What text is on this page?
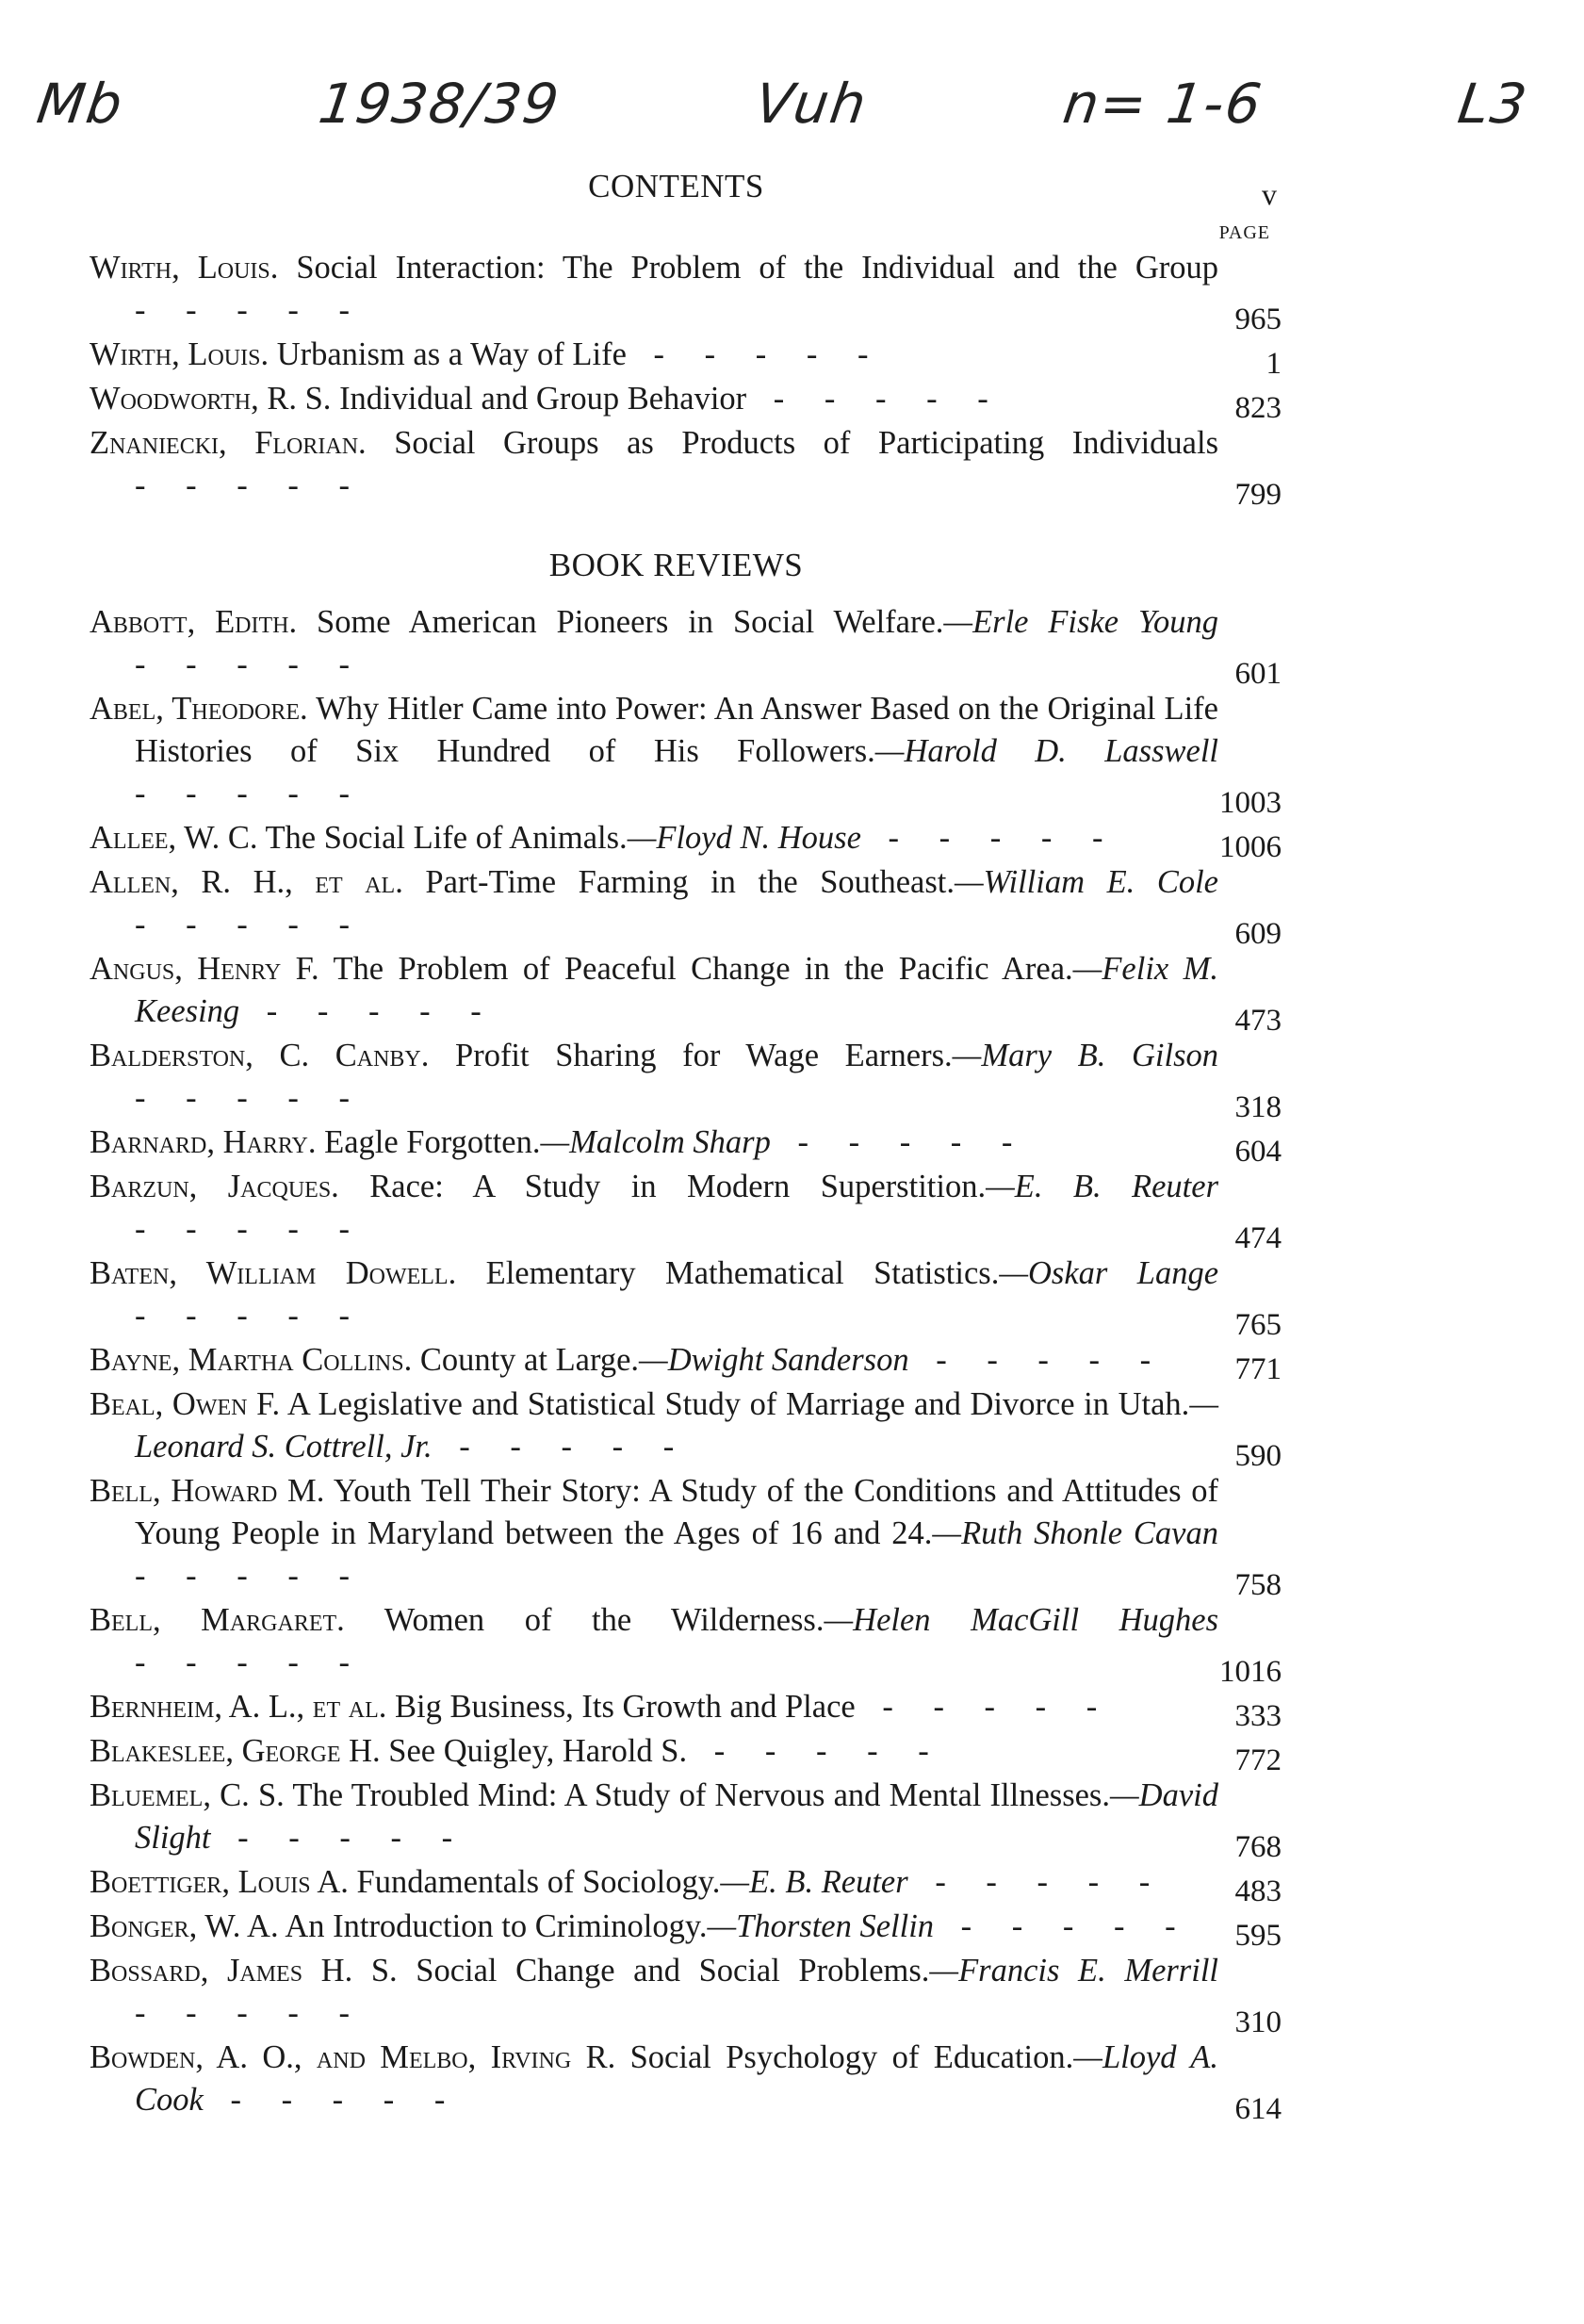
Mb	1938/39	Vuh	n= 1-6	L3
CONTENTS	v
PAGE
Wirth, Louis. Social Interaction: The Problem of the Individual and the Group - - - - -	965
Wirth, Louis. Urbanism as a Way of Life - - - - -	1
Woodworth, R. S. Individual and Group Behavior - - - - -	823
Znaniecki, Florian. Social Groups as Products of Participating Individuals - - - - -	799
BOOK REVIEWS
Abbott, Edith. Some American Pioneers in Social Welfare.—Erle Fiske Young - - - - -	601
Abel, Theodore. Why Hitler Came into Power: An Answer Based on the Original Life Histories of Six Hundred of His Followers.—Harold D. Lasswell - - - - -	1003
Allee, W. C. The Social Life of Animals.—Floyd N. House - - - - -	1006
Allen, R. H., et al. Part-Time Farming in the Southeast.—William E. Cole - - - - -	609
Angus, Henry F. The Problem of Peaceful Change in the Pacific Area.—Felix M. Keesing - - - - -	473
Balderston, C. Canby. Profit Sharing for Wage Earners.—Mary B. Gilson - - - - -	318
Barnard, Harry. Eagle Forgotten.—Malcolm Sharp - - - - -	604
Barzun, Jacques. Race: A Study in Modern Superstition.—E. B. Reuter - - - - -	474
Baten, William Dowell. Elementary Mathematical Statistics.—Oskar Lange - - - - -	765
Bayne, Martha Collins. County at Large.—Dwight Sanderson - - - - -	771
Beal, Owen F. A Legislative and Statistical Study of Marriage and Divorce in Utah.—Leonard S. Cottrell, Jr. - - - - -	590
Bell, Howard M. Youth Tell Their Story: A Study of the Conditions and Attitudes of Young People in Maryland between the Ages of 16 and 24.—Ruth Shonle Cavan - - - - -	758
Bell, Margaret. Women of the Wilderness.—Helen MacGill Hughes - - - - -	1016
Bernheim, A. L., et al. Big Business, Its Growth and Place - - - - -	333
Blakeslee, George H. See Quigley, Harold S. - - - - -	772
Bluemel, C. S. The Troubled Mind: A Study of Nervous and Mental Illnesses.—David Slight - - - - -	768
Boettiger, Louis A. Fundamentals of Sociology.—E. B. Reuter - - - - -	483
Bonger, W. A. An Introduction to Criminology.—Thorsten Sellin - - - - -	595
Bossard, James H. S. Social Change and Social Problems.—Francis E. Merrill - - - - -	310
Bowden, A. O., and Melbo, Irving R. Social Psychology of Education.—Lloyd A. Cook - - - - -	614
